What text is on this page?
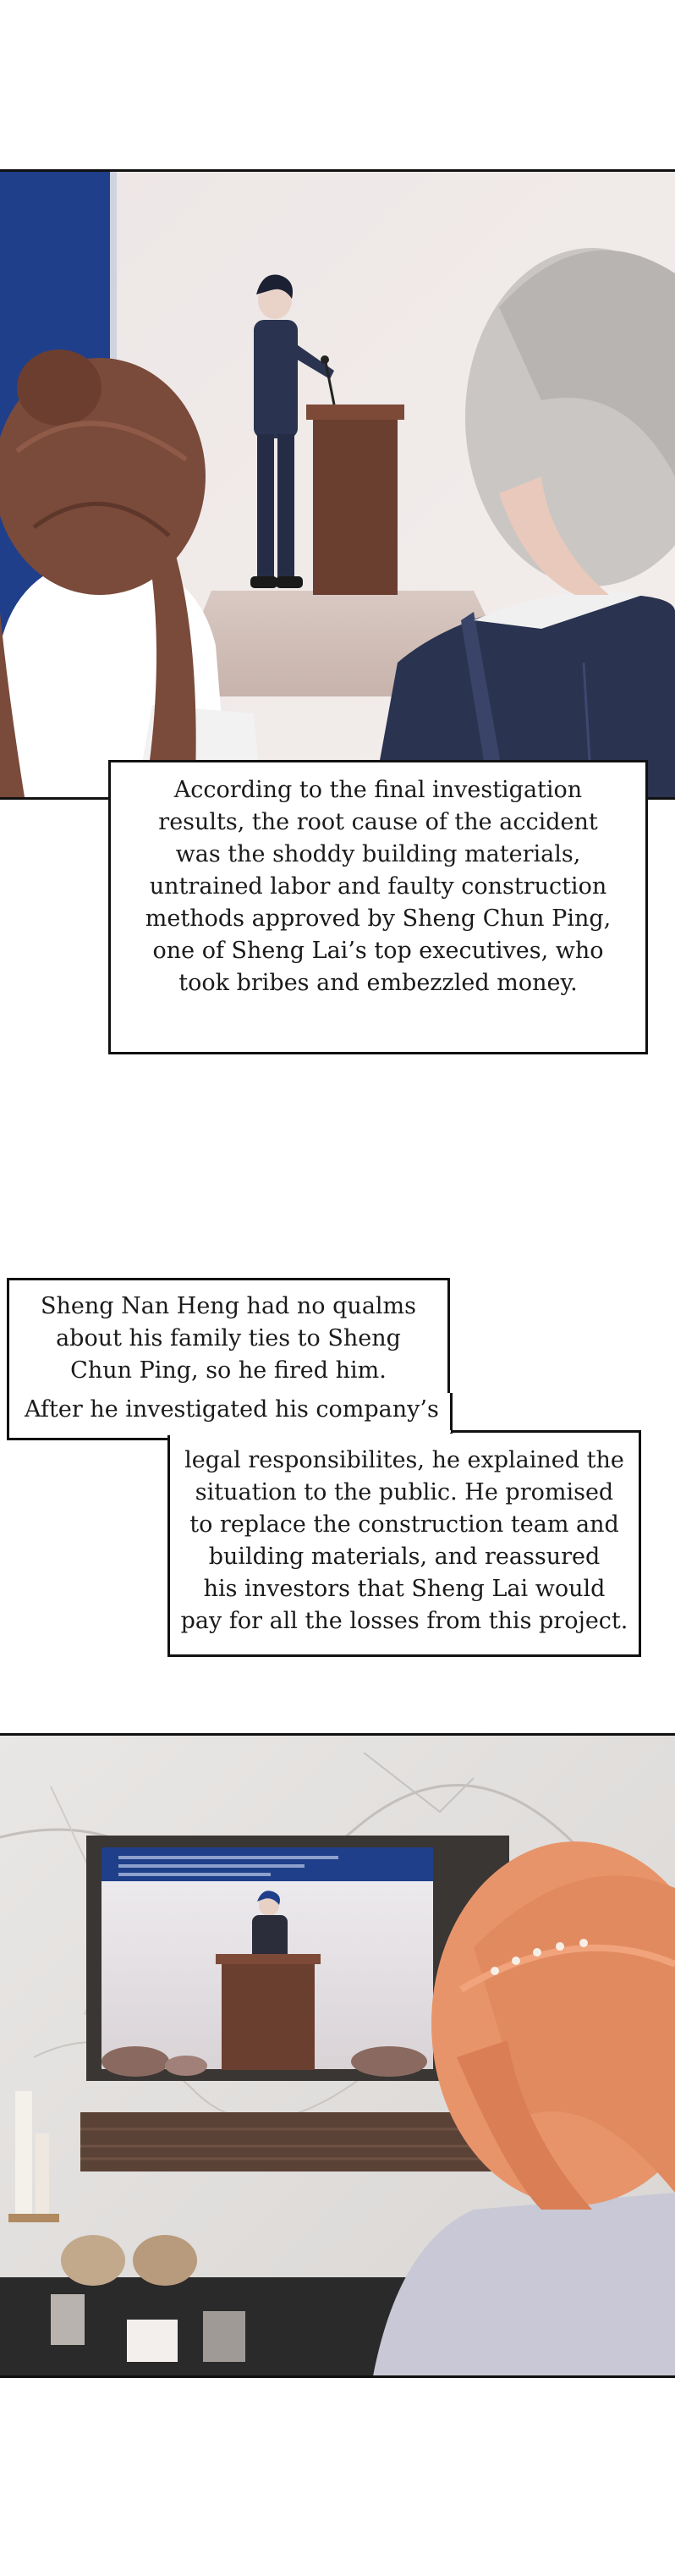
According to the final investigation
results, the root cause of the accident
was the shoddy building materials,
untrained labor and faulty construction
methods approved by Sheng Chun Ping,
one of Sheng Lai’s top executives, who
took bribes and embezzled money.

Sheng Nan Heng had no qualms
about his family ties to Sheng
Chun Ping, so he fired him.

legal responsibilites, he explained the
situation to the public. He promised
to replace the construction team and
building materials, and reassured
his investors that Sheng Lai would
pay for all the losses from this project.

After he investigated his company’s
